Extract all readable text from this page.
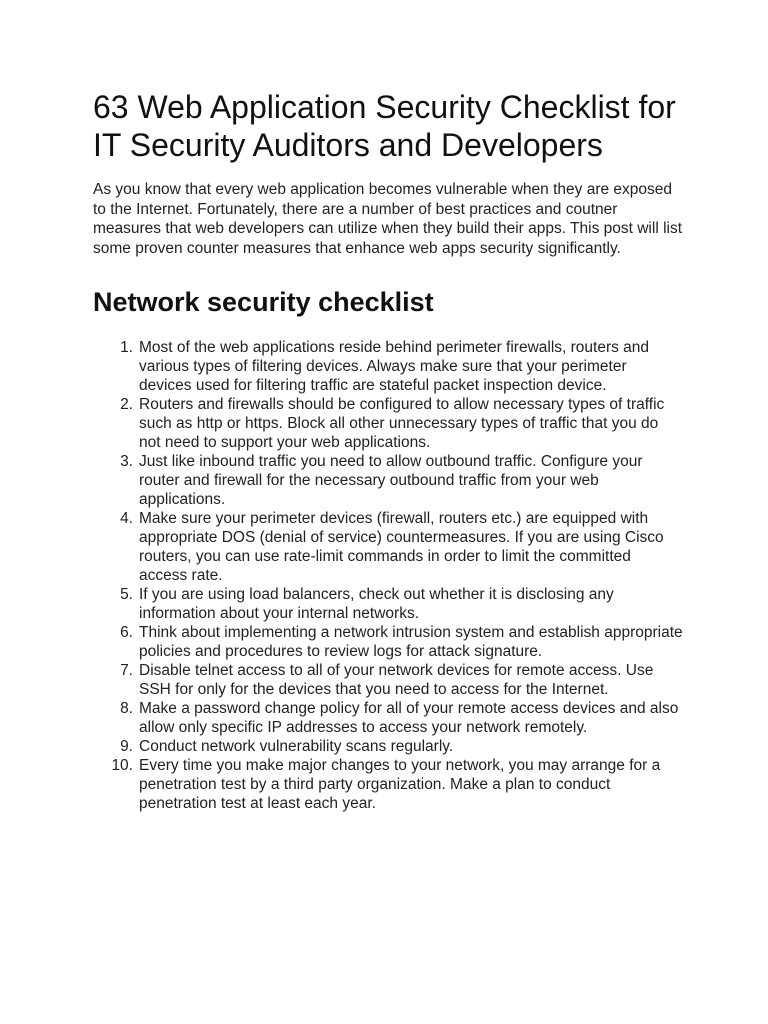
63 Web Application Security Checklist for IT Security Auditors and Developers

As you know that every web application becomes vulnerable when they are exposed to the Internet. Fortunately, there are a number of best practices and coutner measures that web developers can utilize when they build their apps. This post will list some proven counter measures that enhance web apps security significantly.

Network security checklist
1. Most of the web applications reside behind perimeter firewalls, routers and various types of filtering devices. Always make sure that your perimeter devices used for filtering traffic are stateful packet inspection device.
2. Routers and firewalls should be configured to allow necessary types of traffic such as http or https. Block all other unnecessary types of traffic that you do not need to support your web applications.
3. Just like inbound traffic you need to allow outbound traffic. Configure your router and firewall for the necessary outbound traffic from your web applications.
4. Make sure your perimeter devices (firewall, routers etc.) are equipped with appropriate DOS (denial of service) countermeasures. If you are using Cisco routers, you can use rate-limit commands in order to limit the committed access rate.
5. If you are using load balancers, check out whether it is disclosing any information about your internal networks.
6. Think about implementing a network intrusion system and establish appropriate policies and procedures to review logs for attack signature.
7. Disable telnet access to all of your network devices for remote access. Use SSH for only for the devices that you need to access for the Internet.
8. Make a password change policy for all of your remote access devices and also allow only specific IP addresses to access your network remotely.
9. Conduct network vulnerability scans regularly.
10. Every time you make major changes to your network, you may arrange for a penetration test by a third party organization. Make a plan to conduct penetration test at least each year.
